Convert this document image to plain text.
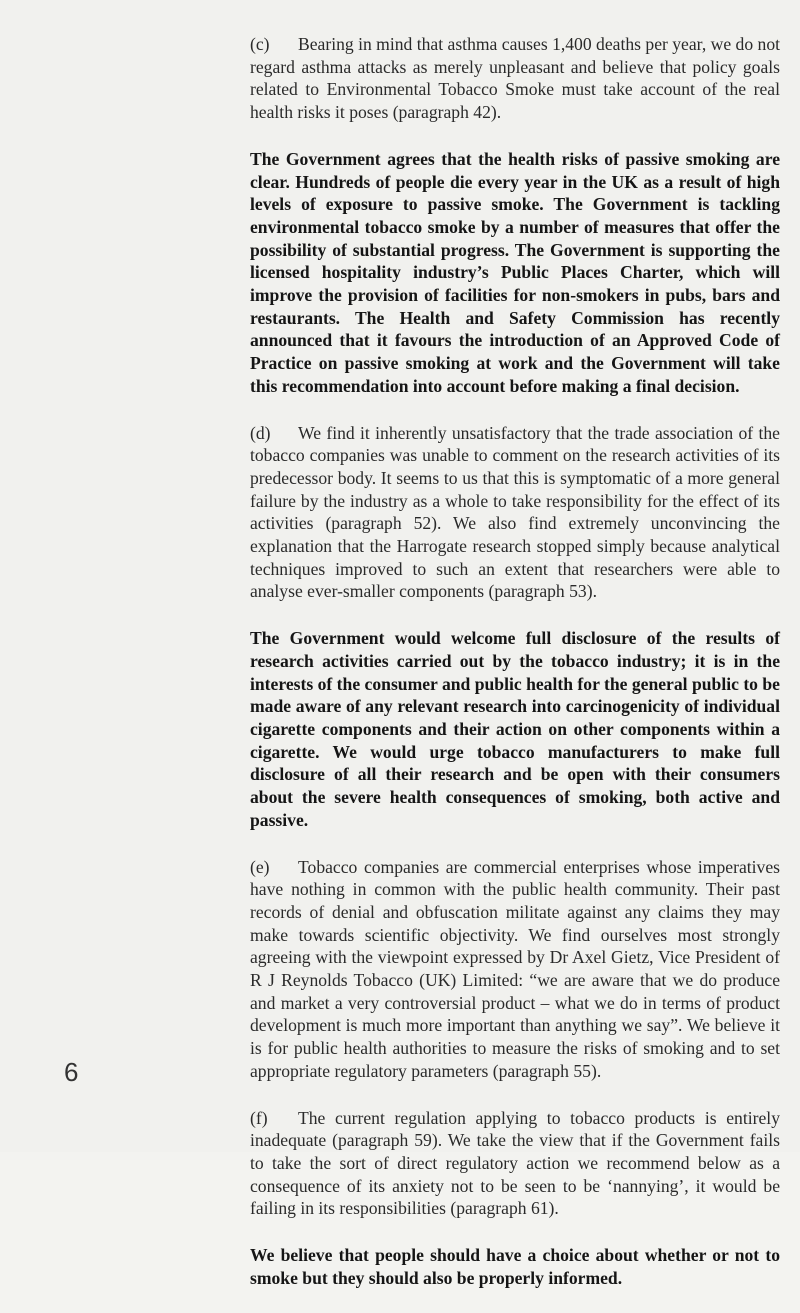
(c) Bearing in mind that asthma causes 1,400 deaths per year, we do not regard asthma attacks as merely unpleasant and believe that policy goals related to Environmental Tobacco Smoke must take account of the real health risks it poses (paragraph 42).

The Government agrees that the health risks of passive smoking are clear. Hundreds of people die every year in the UK as a result of high levels of exposure to passive smoke. The Government is tackling environmental tobacco smoke by a number of measures that offer the possibility of substantial progress. The Government is supporting the licensed hospitality industry’s Public Places Charter, which will improve the provision of facilities for non-smokers in pubs, bars and restaurants. The Health and Safety Commission has recently announced that it favours the introduction of an Approved Code of Practice on passive smoking at work and the Government will take this recommendation into account before making a final decision.

(d) We find it inherently unsatisfactory that the trade association of the tobacco companies was unable to comment on the research activities of its predecessor body. It seems to us that this is symptomatic of a more general failure by the industry as a whole to take responsibility for the effect of its activities (paragraph 52). We also find extremely unconvincing the explanation that the Harrogate research stopped simply because analytical techniques improved to such an extent that researchers were able to analyse ever-smaller components (paragraph 53).

The Government would welcome full disclosure of the results of research activities carried out by the tobacco industry; it is in the interests of the consumer and public health for the general public to be made aware of any relevant research into carcinogenicity of individual cigarette components and their action on other components within a cigarette. We would urge tobacco manufacturers to make full disclosure of all their research and be open with their consumers about the severe health consequences of smoking, both active and passive.

(e) Tobacco companies are commercial enterprises whose imperatives have nothing in common with the public health community. Their past records of denial and obfuscation militate against any claims they may make towards scientific objectivity. We find ourselves most strongly agreeing with the viewpoint expressed by Dr Axel Gietz, Vice President of R J Reynolds Tobacco (UK) Limited: “we are aware that we do produce and market a very controversial product – what we do in terms of product development is much more important than anything we say”. We believe it is for public health authorities to measure the risks of smoking and to set appropriate regulatory parameters (paragraph 55).

(f) The current regulation applying to tobacco products is entirely inadequate (paragraph 59). We take the view that if the Government fails to take the sort of direct regulatory action we recommend below as a consequence of its anxiety not to be seen to be ‘nannying’, it would be failing in its responsibilities (paragraph 61).

We believe that people should have a choice about whether or not to smoke but they should also be properly informed.

6
